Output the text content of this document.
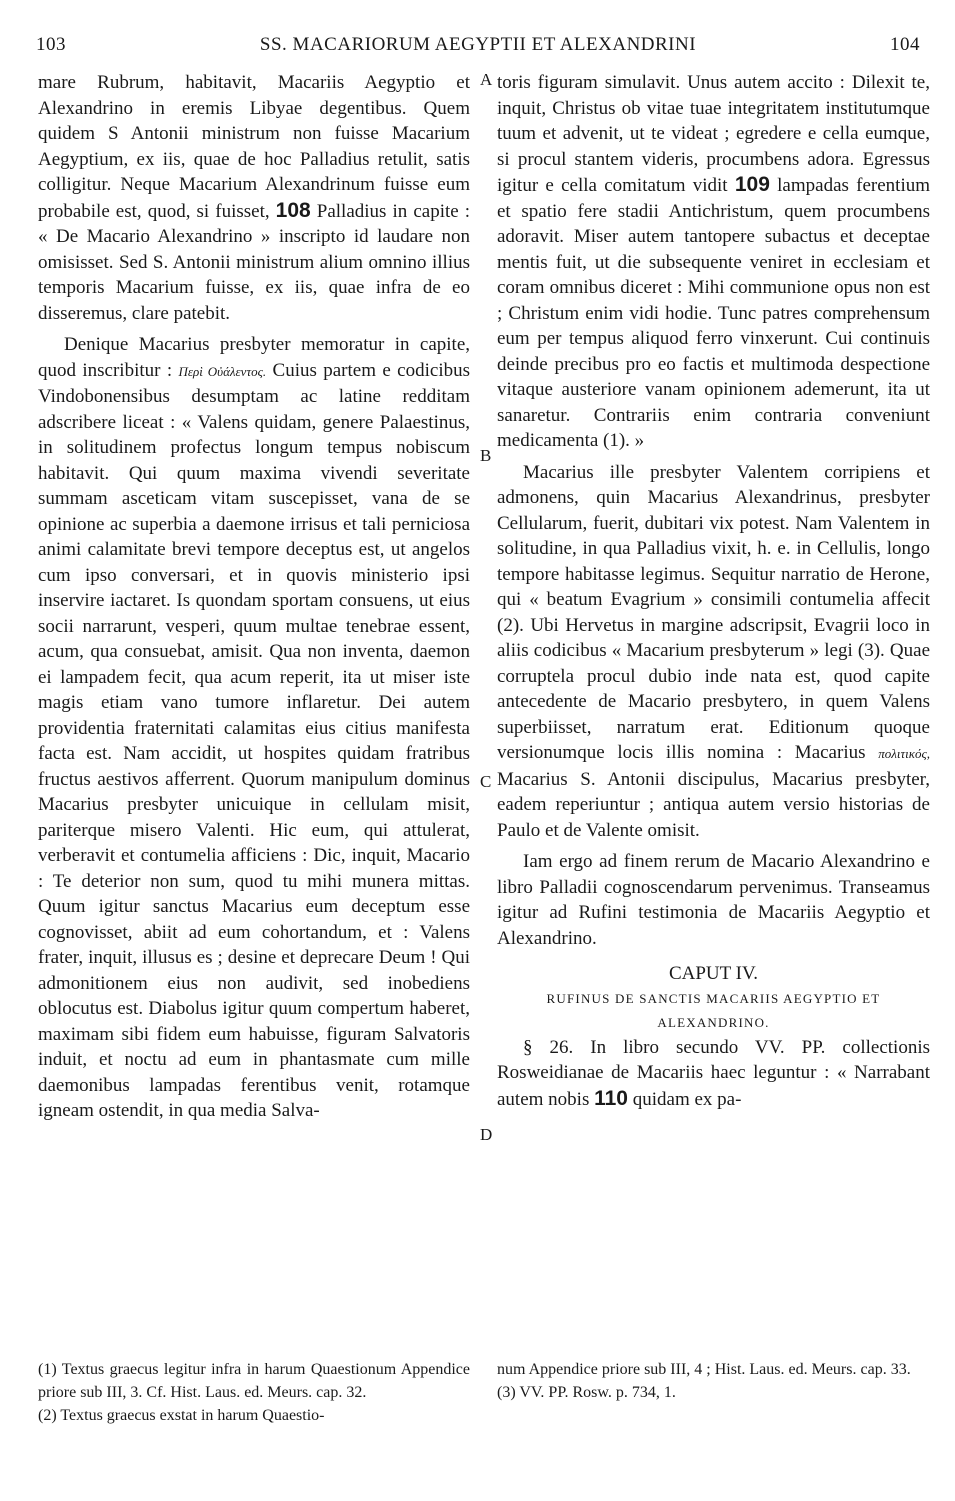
103	SS. MACARIORUM AEGYPTII ET ALEXANDRINI	104

mare Rubrum, habitavit, Macariis Aegyptio et Alexandrino in eremis Libyae degentibus. Quem quidem S Antonii ministrum non fuisse Macarium Aegyptium, ex iis, quae de hoc Palladius retulit, satis colligitur. Neque Macarium Alexandrinum fuisse eum probabile est, quod, si fuisset, 108 Palladius in capite : « De Macario Alexandrino » inscripto id laudare non omisisset. Sed S. Antonii ministrum alium omnino illius temporis Macarium fuisse, ex iis, quae infra de eo disseremus, clare patebit.

Denique Macarius presbyter memoratur in capite, quod inscribitur : Περὶ Οὐάλεντος. Cuius partem e codicibus Vindobonensibus desumptam ac latine redditam adscribere liceat : « Valens quidam, genere Palaestinus, in solitudinem profectus longum tempus nobiscum habitavit. Qui quum maxima vivendi severitate summam asceticam vitam suscepisset, vana de se opinione ac superbia a daemone irrisus et tali perniciosa animi calamitate brevi tempore deceptus est, ut angelos cum ipso conversari, et in quovis ministerio ipsi inservire iactaret. Is quondam sportam consuens, ut eius socii narrarunt, vesperi, quum multae tenebrae essent, acum, qua consuebat, amisit. Qua non inventa, daemon ei lampadem fecit, qua acum reperit, ita ut miser iste magis etiam vano tumore inflaretur. Dei autem providentia fraternitati calamitas eius citius manifesta facta est. Nam accidit, ut hospites quidam fratribus fructus aestivos afferrent. Quorum manipulum dominus Macarius presbyter unicuique in cellulam misit, pariterque misero Valenti. Hic eum, qui attulerat, verberavit et contumelia afficiens : Dic, inquit, Macario : Te deterior non sum, quod tu mihi munera mittas. Quum igitur sanctus Macarius eum deceptum esse cognovisset, abiit ad eum cohortandum, et : Valens frater, inquit, illusus es ; desine et deprecare Deum ! Qui admonitionem eius non audivit, sed inobediens oblocutus est. Diabolus igitur quum compertum haberet, maximam sibi fidem eum habuisse, figuram Salvatoris induit, et noctu ad eum in phantasmate cum mille daemonibus lampadas ferentibus venit, rotamque igneam ostendit, in qua media Salva-

A
B
C
D

toris figuram simulavit. Unus autem accito : Dilexit te, inquit, Christus ob vitae tuae integritatem institutumque tuum et advenit, ut te videat ; egredere e cella eumque, si procul stantem videris, procumbens adora. Egressus igitur e cella comitatum vidit 109 lampadas ferentium et spatio fere stadii Antichristum, quem procumbens adoravit. Miser autem tantopere subactus et deceptae mentis fuit, ut die subsequente veniret in ecclesiam et coram omnibus diceret : Mihi communione opus non est ; Christum enim vidi hodie. Tunc patres comprehensum eum per tempus aliquod ferro vinxerunt. Cui continuis deinde precibus pro eo factis et multimoda despectione vitaque austeriore vanam opinionem ademerunt, ita ut sanaretur. Contrariis enim contraria conveniunt medicamenta (1). »

Macarius ille presbyter Valentem corripiens et admonens, quin Macarius Alexandrinus, presbyter Cellularum, fuerit, dubitari vix potest. Nam Valentem in solitudine, in qua Palladius vixit, h. e. in Cellulis, longo tempore habitasse legimus. Sequitur narratio de Herone, qui « beatum Evagrium » consimili contumelia affecit (2). Ubi Hervetus in margine adscripsit, Evagrii loco in aliis codicibus « Macarium presbyterum » legi (3). Quae corruptela procul dubio inde nata est, quod capite antecedente de Macario presbytero, in quem Valens superbiisset, narratum erat. Editionum quoque versionumque locis illis nomina : Macarius πολιτικός, Macarius S. Antonii discipulus, Macarius presbyter, eadem reperiuntur ; antiqua autem versio historias de Paulo et de Valente omisit.

Iam ergo ad finem rerum de Macario Alexandrino e libro Palladii cognoscendarum pervenimus. Transeamus igitur ad Rufini testimonia de Macariis Aegyptio et Alexandrino.

CAPUT IV.

RUFINUS DE SANCTIS MACARIIS AEGYPTIO ET

ALEXANDRINO.

§ 26. In libro secundo VV. PP. collectionis Rosweidianae de Macariis haec leguntur : « Narrabant autem nobis 110 quidam ex pa-

(1) Textus graecus legitur infra in harum Quaestionum Appendice priore sub III, 3. Cf. Hist. Laus. ed. Meurs. cap. 32.

(2) Textus graecus exstat in harum Quaestio-

num Appendice priore sub III, 4 ; Hist. Laus. ed. Meurs. cap. 33.

(3) VV. PP. Rosw. p. 734, 1.
